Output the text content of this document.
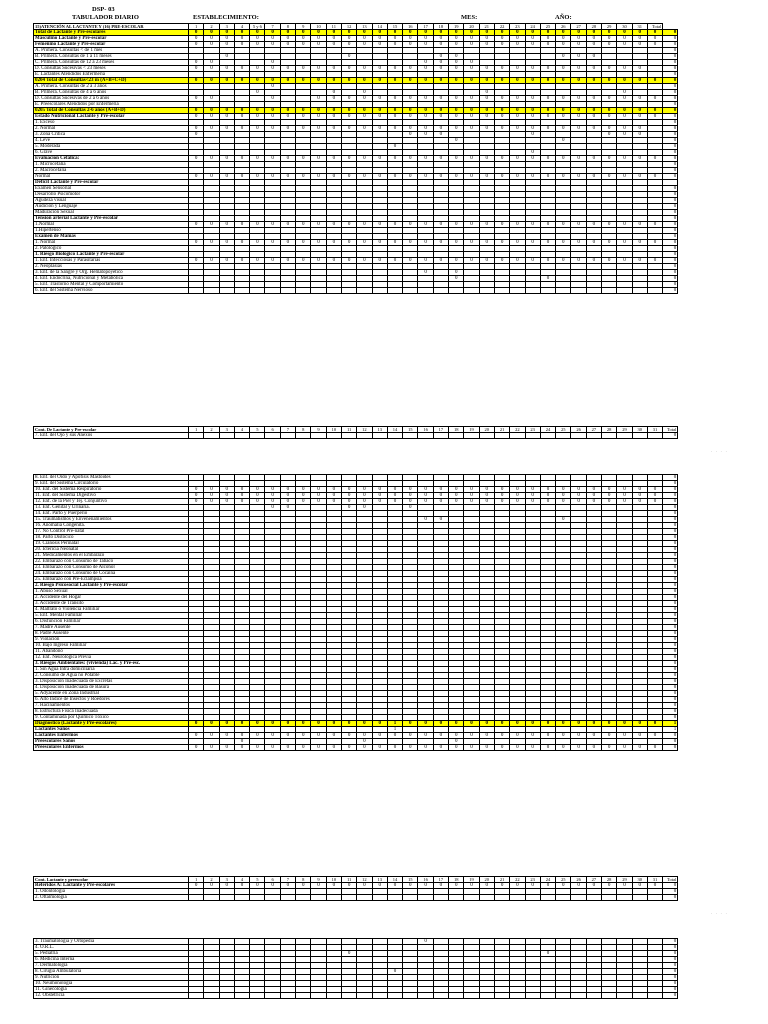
DSP- 03
TABULADOR DIARIO	ESTABLECIMIENTO:	MES:	AÑO:
15)ATENCIÓN AL LACTANTE Y (16) PRE-ESCOLAR	1	2	3	4	5 y 6	7	8	9	10	11	12	13	14	15	16	17	18	19	20	21	22	23	24	25	26	27	28	29	30	31	Total	
Total de Lactante y Pre-escolares	0	0	0	0	0	0	0	0	0	0	0	0	0	0	0	0	0	0	0	0	0	0	0	0	0	0	0	0	0	0	0	0
Masculino Lactante y Pre-escolar	0	0	0	0	0	0	0	0	0	0	0	0	0	0	0	0	0	0	0	0	0	0	0	0	0	0	0	0	0	0	0	0
Femenino Lactante y Pre-escolar	0	0	0	0	0	0	0	0	0	0	0	0	0	0	0	0	0	0	0	0	0	0	0	0	0	0	0	0	0	0	0	0
A. Primera. Consultas < de 1 mes																																0
B. Primera. Consultas de 1 a 11 meses			0								0						0	0							0	0	0					0
C. Primera. Consultas de 12 a 23 meses	0	0				0										0	0	0	0													0
D. Consultas Sucesivas < 23 meses	0	0	0	0	0	0	0	0	0	0	0	0	0	0	0	0	0	0	0	0	0	0	0	0	0	0	0	0	0	0		0
E. Lactantes Atendidos Enfermería																																0
0204 Total de Consultas<23 m (A+B+C+D)	0	0	0	0	0	0	0	0	0	0	0	0	0	0	0	0	0	0	0	0	0	0	0	0	0	0	0	0	0	0	0	0
A. Primera. Consultas de 2 a 3 años						0																										0
B. Primera. Consultas de 4 a 6 años					0					0		0								0									0			0
D. Consultas Sucesivas de 2 a 6 años	0	0				0			0	0	0	0	0	0	0	0	0	0	0	0	0	0	0	0	0	0	0	0	0	0	0	0
E. Preescolares Atendidos por Enfermería																																0
0205 Total de Consultas 2-6 años (A+B+D)	0	0	0	0	0	0	0	0	0	0	0	0	0	0	0	0	0	0	0	0	0	0	0	0	0	0	0	0	0	0	0	0
Estado Nutricional Lactante y Pre-escolar	0	0	0	0	0	0	0	0	0	0	0	0	0	0	0	0	0	0	0	0	0	0	0	0	0	0	0	0	0	0	0	0
1. Exceso																																0
2. Normal	0	0	0	0	0	0	0	0	0	0	0	0	0	0	0	0	0	0	0	0	0	0	0	0	0	0	0	0	0	0		0
3. Zona Crítica	0														0	0	0						0					0	0	0		0
4. Leve																		0							0							0
5. Moderada														0																		0
6. Grave																							0									0
Evaluación Cefálica:	0	0	0	0	0	0	0	0	0	0	0	0	0	0	0	0	0	0	0	0	0	0	0	0	0	0	0	0	0	0	0	0
1. Microcefalia																																0
2. Macrocefalia																																0
Normal	0	0	0	0	0	0	0	0	0	0	0	0	0	0	0	0	0	0	0	0	0	0	0	0	0	0	0	0	0	0	0	0
Déficit Lactante y Pre-escolar																																
Examen Sensorial																																0
Desarrollo Psicomotor																																0
Agudeza visual																																0
Audición y Lenguaje																																0
Maduración Sexual																																0
Tensión arterial Lactante y Pre-escolar																																0
1.Normal	0	0	0	0	0	0	0	0	0	0	0	0	0	0	0	0	0	0	0	0	0	0	0	0	0	0	0	0	0	0	0	0
1.Hipertenso																																0
Examen de Mamas																																0
1. Normal	0	0	0	0	0	0	0	0	0	0	0	0	0	0	0	0	0	0	0	0	0	0	0	0	0	0	0	0	0	0	0	0
2. Patologico																																0
1. Riesgo Biológico Lactante y Pre-escolar																																0
1. Enf. Infecciosas y Parasitarias	0	0	0	0	0	0	0	0	0	0	0	0	0	0	0	0	0	0	0	0	0	0	0	0	0	0	0	0	0	0	0	0
2. Neoplasias																																0
3. Enf. de la Sangre y Org. Hematopoyético																0		0														0
4. Enf. Endocrina, Nutricional y Metabólica																		0						0								0
5. Enf. Trastorno Mental y Comportamiento																																0
6. Enf. del Sistema Nervioso																																0
Cont. De Lactante y Pre-escolar	1	2	3	4	5	6	7	8	9	10	11	12	13	14	15	16	17	18	19	20	21	22	23	24	25	26	27	28	29	30	31	Total
7. Enf. del Ojo y sus Anexos																																0
· · · ·
8. Enf. del Oído y Apófisis Mastoides																																0
9. Enf. del Sistema Circulatorio																																0
10. Enf. del Sistema Respiratorio	0	0	0	0	0	0	0	0	0	0	0	0	0	0	0	0	0	0	0	0	0	0	0	0	0	0	0	0	0	0	0	0
11. Enf. del Sistema Digestivo	0	0	0	0	0	0	0	0	0	0	0	0	0	0	0	0	0	0	0	0	0	0	0	0	0	0	0	0	0	0	0	0
12. Enf. de la Piel y Tej. Conjuntivo	0	0	0	0	0	0	0	0	0	0	0	0	0	0	0	0	0	0	0	0	0	0	0	0	0	0	0	0	0	0	0	0
13. Enf. Genital y Urinaria.						0	0				0	0			0																	0
14. Enf. Parto y Puerperio																																0
15. Traumatismos y Envenenamientos																0	0								0							0
16. Anomalía Congénita.																																0
17. No Control Pre-natal																																0
18. Parto Distócico																																0
19. Cianosis Perinatal																																0
20. Ictericia Neonatal																																0
21. Medicamentos en el Embarazo																																0
22. Embarazo con Consumo de Tabaco																																0
23. Embarazo con Consumo de Alcohol																																0
24. Embarazo con Consumo de Cocaína																																0
25. Embarazo con Pre-Eclampsia																																0
2. Riesgo Psicosocial Lactante y Pre-escolar																																0
1. Abuso Sexual																																0
2. Accidente del Hogar																																0
3. Accidente de Tránsito																																0
4. Maltrato ó Violencia Familiar																																0
5. Enf. Mental Familiar																																0
6. Disfunción Familiar																																0
7. Madre Ausente																																0
8. Padre Ausente																																0
9. Violación																																0
10. Bajo Ingreso Familiar																																0
11. Abandono																																0
12. Enf. Neurológica Previa																																0
3. Riesgos Ambientales: (vivienda) Lac. y Pre-esc.																																0
1. Sin Agua Intra domiciliaria																																0
2. Consumo de Agua no Potable																																0
3. Disposición Inadecuada de Excretas																																0
4. Disposición Inadecuada de Basura																																0
5. Adyacente en Zona Industrial																																0
6. Alto Índice de Insectos y Roedores																																0
7. Hacinamientos																																0
8. Estructura Física Inadecuada																																0
9. Contaminada por Químico Tóxico																																0
Diagnóstico (Lactante y Pre-escolares)	0	0	0	0	0	0	0	0	0	0	0	0	0	1	0	0	0	0	0	0	0	0	0	0	0	0	0	0	0	0	0	1
Lactantes Sanos														1																		1
Lactantes Enfermos	0	0	0	0	0	0	0	0	0	0	0	0	0	0	0	0	0	0	0	0	0	0	0	0	0	0	0	0	0	0	0	0
Preescolares Sanos				0								0						0														0
Preescolares Enfermos	0	0	0	0	0	0	0	0	0	0	0	0	0	0	0	0	0	0	0	0	0	0	0	0	0	0	0	0	0	0	0	0
Cont. Lactante y preescolar	1	2	3	4	5	6	7	8	9	10	11	12	13	14	15	16	17	18	19	20	21	22	23	24	25	26	27	28	29	30	31	Total
Referidos A: Lactante y Pre-escolares	0	0	0	0	0	0	0	0	0	0	0	0	0	0	0	0	0	0	0	0	0	0	0	0	0	0	0	0	0	0	0	0
1. Odontología																																0
2. Oftalmología																																0
· · · ·
3. Traumatología y Ortopedia																0																0
4. O.R.L.																																0
5. Pediatría											0													0								0
6. Medicina Interna																																0
7. Dermatología																																0
8. Cirugía Ambulatoria														0																		0
9. Nutrición																																0
10. Neumonología																																0
11. Ginecología																																0
12. Obstetricia																																0
